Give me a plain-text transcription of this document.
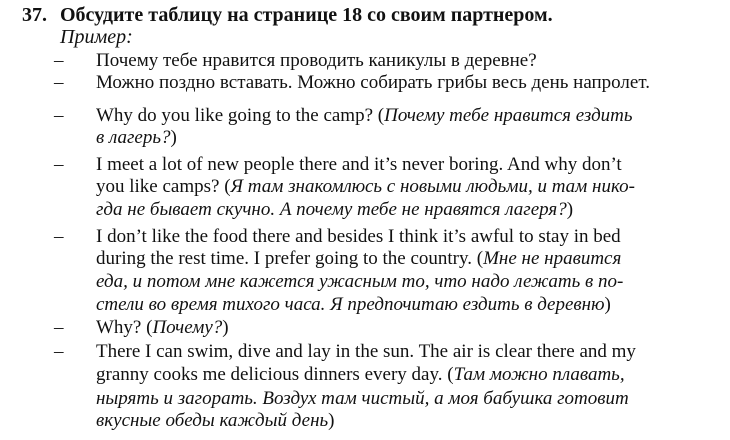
37. Обсудите таблицу на странице 18 со своим партнером.
Пример:
– Почему тебе нравится проводить каникулы в деревне?
– Можно поздно вставать. Можно собирать грибы весь день напролет.
– Why do you like going to the camp? (Почему тебе нравится ездить
в лагерь?)
– I meet a lot of new people there and it’s never boring. And why don’t
you like camps? (Я там знакомлюсь с новыми людьми, и там нико-
гда не бывает скучно. А почему тебе не нравятся лагеря?)
– I don’t like the food there and besides I think it’s awful to stay in bed
during the rest time. I prefer going to the country. (Мне не нравится
еда, и потом мне кажется ужасным то, что надо лежать в по-
стели во время тихого часа. Я предпочитаю ездить в деревню)
– Why? (Почему?)
– There I can swim, dive and lay in the sun. The air is clear there and my
granny cooks me delicious dinners every day. (Там можно плавать,
нырять и загорать. Воздух там чистый, а моя бабушка готовит
вкусные обеды каждый день)
